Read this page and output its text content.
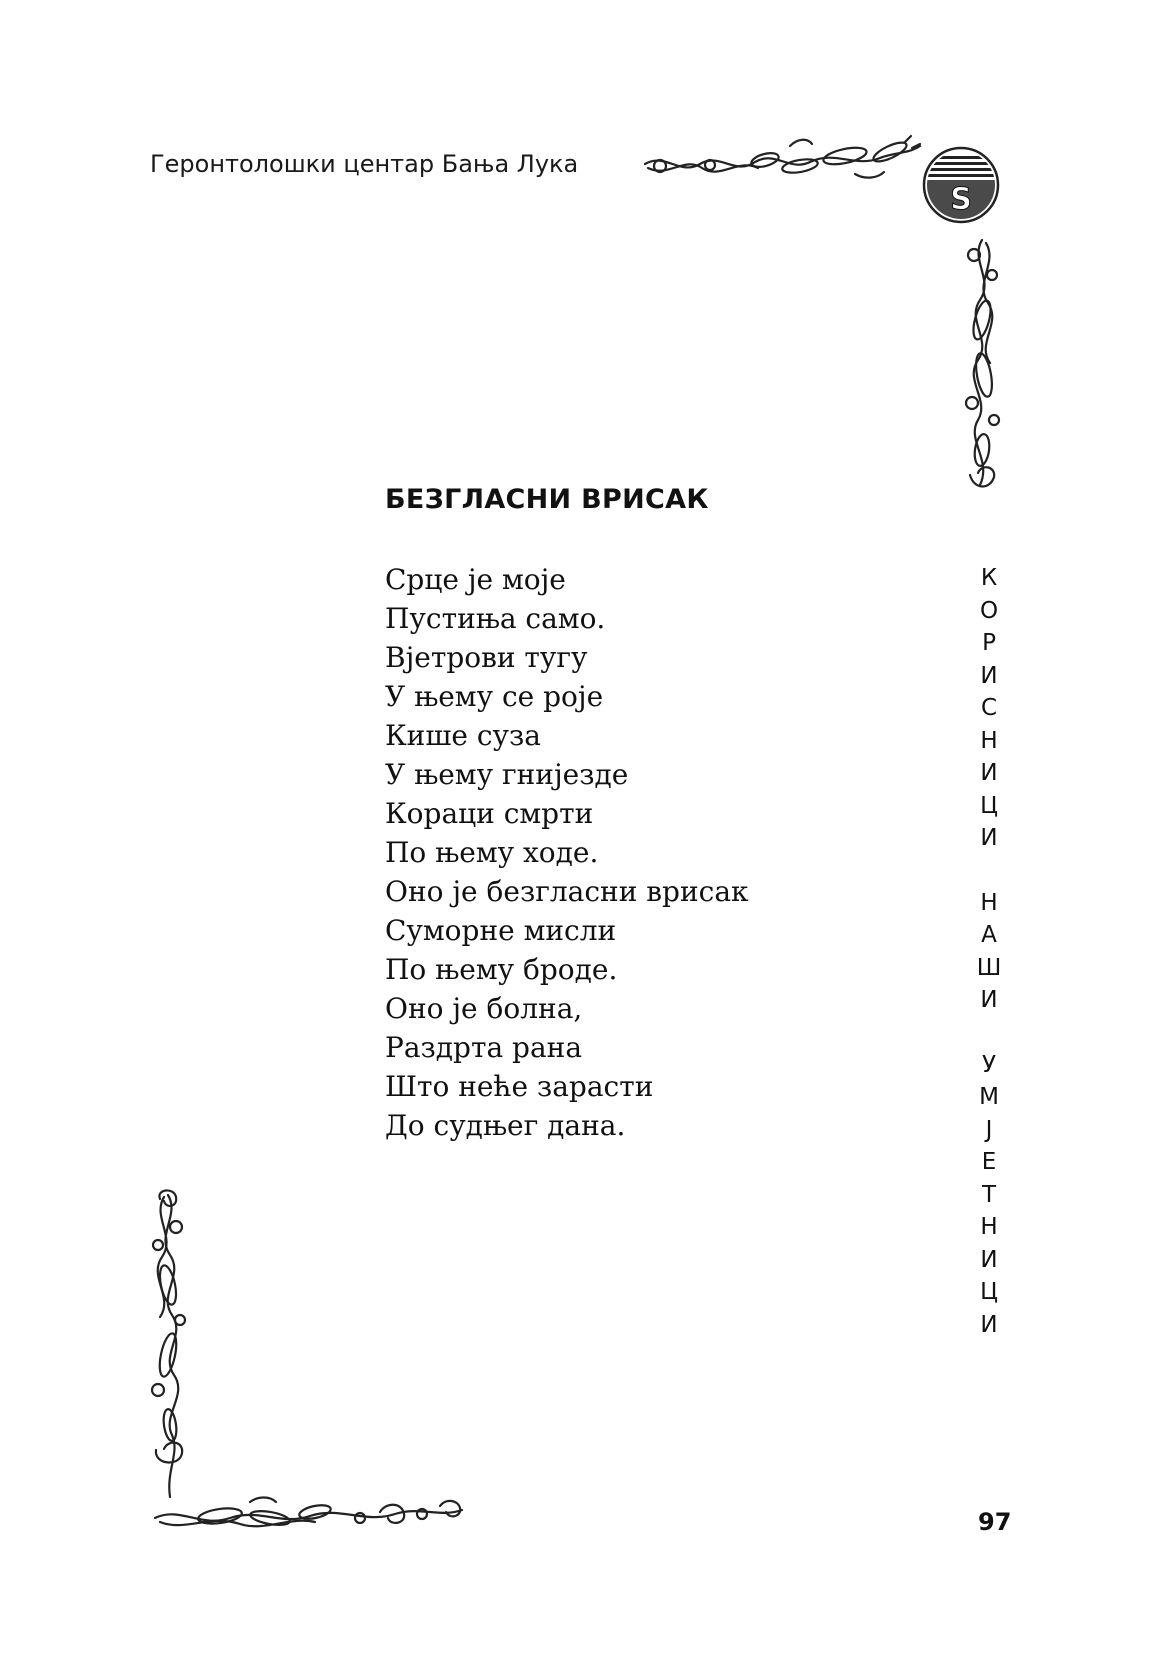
Геронтолошки центар Бања Лука
S
БЕЗГЛАСНИ ВРИСАК
Срце је моје
Пустиња само.
Вјетрови тугу
У њему се роје
Кише суза
У њему гнијезде
Кораци смрти
По њему ходе.
Оно је безгласни врисак
Суморне мисли
По њему броде.
Оно је болна,
Раздрта рана
Што неће зарасти
До судњег дана.
К
О
Р
И
С
Н
И
Ц
И
Н
А
Ш
И
У
М
Ј
Е
Т
Н
И
Ц
И
97
